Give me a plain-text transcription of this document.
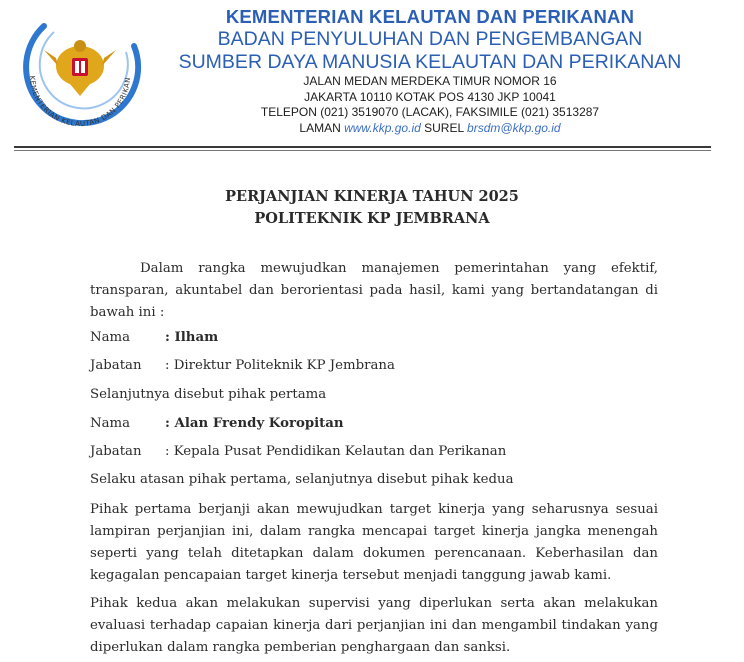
KEMENTERIAN KELAUTAN DAN PERIKAN
KEMENTERIAN KELAUTAN DAN PERIKANAN
BADAN PENYULUHAN DAN PENGEMBANGAN
SUMBER DAYA MANUSIA KELAUTAN DAN PERIKANAN
JALAN MEDAN MERDEKA TIMUR NOMOR 16
JAKARTA 10110 KOTAK POS 4130 JKP 10041
TELEPON (021) 3519070 (LACAK), FAKSIMILE (021) 3513287
LAMAN www.kkp.go.id SUREL brsdm@kkp.go.id
PERJANJIAN KINERJA TAHUN 2025
POLITEKNIK KP JEMBRANA
Dalam rangka mewujudkan manajemen pemerintahan yang efektif, transparan, akuntabel dan berorientasi pada hasil, kami yang bertandatangan di bawah ini :
Nama	: Ilham
Jabatan : Direktur Politeknik KP Jembrana
Selanjutnya disebut pihak pertama
Nama	: Alan Frendy Koropitan
Jabatan : Kepala Pusat Pendidikan Kelautan dan Perikanan
Selaku atasan pihak pertama, selanjutnya disebut pihak kedua
Pihak pertama berjanji akan mewujudkan target kinerja yang seharusnya sesuai lampiran perjanjian ini, dalam rangka mencapai target kinerja jangka menengah seperti yang telah ditetapkan dalam dokumen perencanaan. Keberhasilan dan kegagalan pencapaian target kinerja tersebut menjadi tanggung jawab kami.
Pihak kedua akan melakukan supervisi yang diperlukan serta akan melakukan evaluasi terhadap capaian kinerja dari perjanjian ini dan mengambil tindakan yang diperlukan dalam rangka pemberian penghargaan dan sanksi.
